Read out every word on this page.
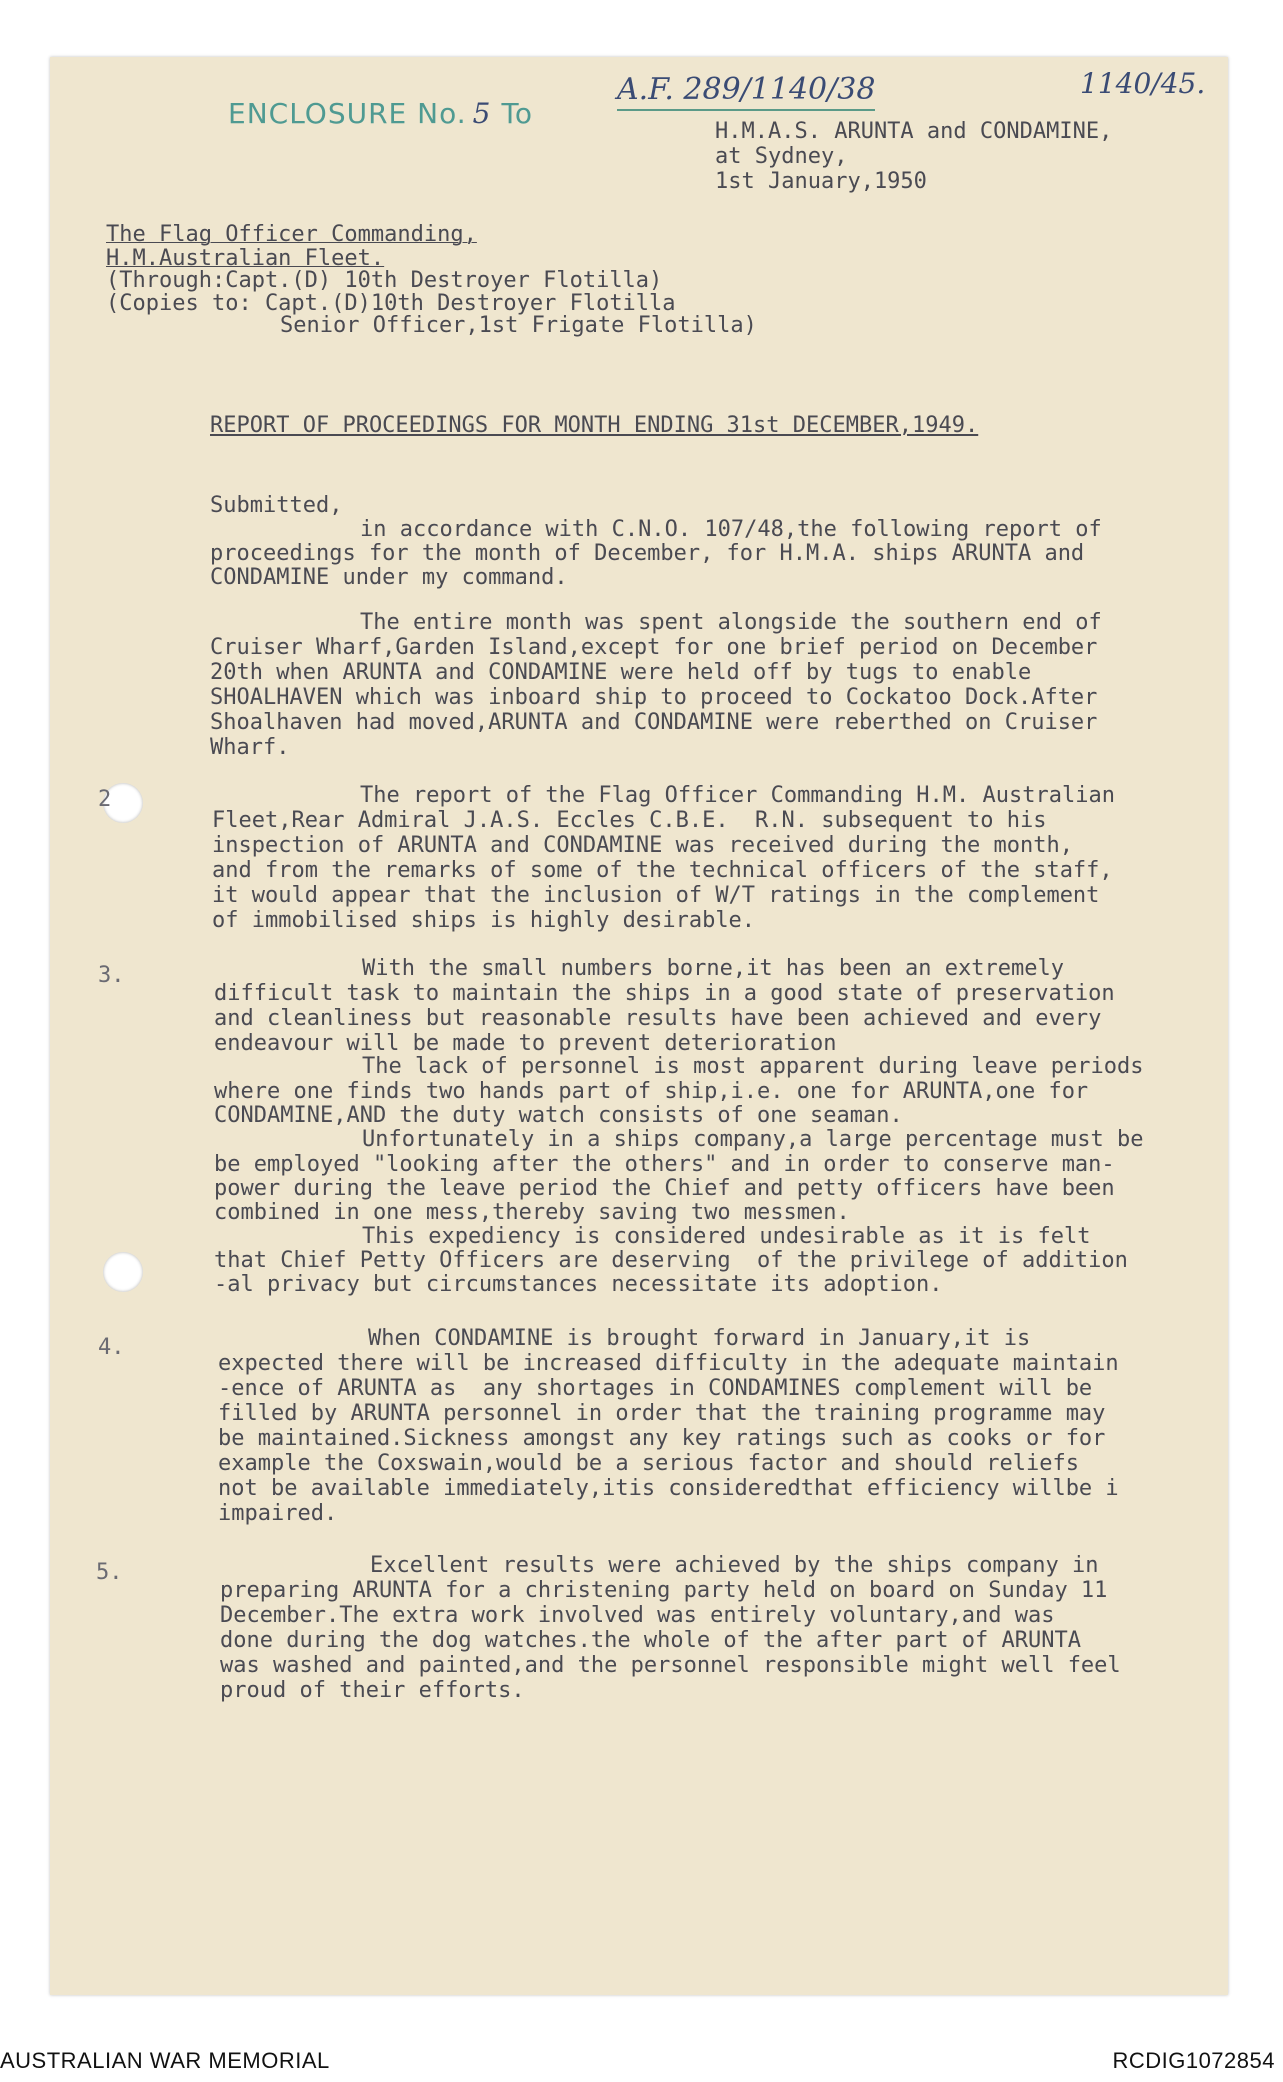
ENCLOSURE No. 5 To
A.F. 289/1140/38	1140/45.
H.M.A.S. ARUNTA and CONDAMINE,
at Sydney,
1st January,1950
The Flag Officer Commanding,
H.M.Australian Fleet.
(Through:Capt.(D) 10th Destroyer Flotilla)
(Copies to: Capt.(D)10th Destroyer Flotilla
Senior Officer,1st Frigate Flotilla)
REPORT OF PROCEEDINGS FOR MONTH ENDING 31st DECEMBER,1949.
Submitted,
in accordance with C.N.O. 107/48,the following report of
proceedings for the month of December, for H.M.A. ships ARUNTA and
CONDAMINE under my command.
The entire month was spent alongside the southern end of
Cruiser Wharf,Garden Island,except for one brief period on December
20th when ARUNTA and CONDAMINE were held off by tugs to enable
SHOALHAVEN which was inboard ship to proceed to Cockatoo Dock.After
Shoalhaven had moved,ARUNTA and CONDAMINE were reberthed on Cruiser
Wharf.
2	The report of the Flag Officer Commanding H.M. Australian
Fleet,Rear Admiral J.A.S. Eccles C.B.E.  R.N. subsequent to his
inspection of ARUNTA and CONDAMINE was received during the month,
and from the remarks of some of the technical officers of the staff,
it would appear that the inclusion of W/T ratings in the complement
of immobilised ships is highly desirable.
3.	With the small numbers borne,it has been an extremely
difficult task to maintain the ships in a good state of preservation
and cleanliness but reasonable results have been achieved and every
endeavour will be made to prevent deterioration
The lack of personnel is most apparent during leave periods
where one finds two hands part of ship,i.e. one for ARUNTA,one for
CONDAMINE,AND the duty watch consists of one seaman.
Unfortunately in a ships company,a large percentage must be
be employed "looking after the others" and in order to conserve man-
power during the leave period the Chief and petty officers have been
combined in one mess,thereby saving two messmen.
This expediency is considered undesirable as it is felt
that Chief Petty Officers are deserving  of the privilege of addition
-al privacy but circumstances necessitate its adoption.
4.	When CONDAMINE is brought forward in January,it is
expected there will be increased difficulty in the adequate maintain
-ence of ARUNTA as  any shortages in CONDAMINES complement will be
filled by ARUNTA personnel in order that the training programme may
be maintained.Sickness amongst any key ratings such as cooks or for
example the Coxswain,would be a serious factor and should reliefs
not be available immediately,itis consideredthat efficiency willbe i
impaired.
5.	Excellent results were achieved by the ships company in
preparing ARUNTA for a christening party held on board on Sunday 11
December.The extra work involved was entirely voluntary,and was
done during the dog watches.the whole of the after part of ARUNTA
was washed and painted,and the personnel responsible might well feel
proud of their efforts.
AUSTRALIAN WAR MEMORIAL	RCDIG1072854
